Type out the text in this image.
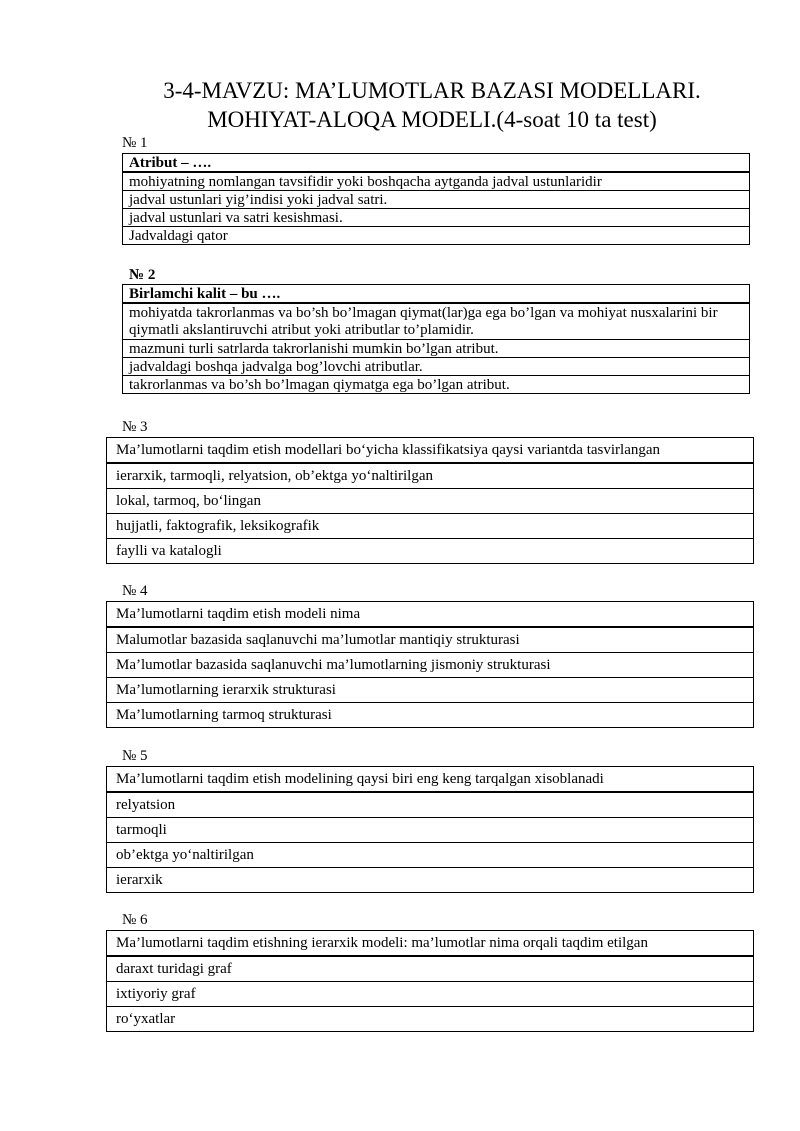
3-4-MAVZU: MA’LUMOTLAR BAZASI MODELLARI.
MOHIYAT-ALOQA MODELI.(4-soat 10 ta test)
№ 1
Atribut – ….
mohiyatning nomlangan tavsifidir yoki boshqacha aytganda jadval ustunlaridir
jadval ustunlari yig’indisi yoki jadval satri.
jadval ustunlari va satri kesishmasi.
Jadvaldagi qator
№ 2
Birlamchi kalit – bu ….
mohiyatda takrorlanmas va bo’sh bo’lmagan qiymat(lar)ga ega bo’lgan va mohiyat nusxalarini bir qiymatli akslantiruvchi atribut yoki atributlar to’plamidir.
mazmuni turli satrlarda takrorlanishi mumkin bo’lgan atribut.
jadvaldagi boshqa jadvalga bog’lovchi atributlar.
takrorlanmas va bo’sh bo’lmagan qiymatga ega bo’lgan atribut.
№ 3
Ma’lumotlarni taqdim etish modellari bo‘yicha klassifikatsiya qaysi variantda tasvirlangan
ierarxik, tarmoqli, relyatsion, ob’ektga yo‘naltirilgan
lokal, tarmoq, bo‘lingan
hujjatli, faktografik, leksikografik
faylli va katalogli
№ 4
Ma’lumotlarni taqdim etish modeli nima
Malumotlar bazasida saqlanuvchi ma’lumotlar mantiqiy strukturasi
Ma’lumotlar bazasida saqlanuvchi ma’lumotlarning jismoniy strukturasi
Ma’lumotlarning ierarxik strukturasi
Ma’lumotlarning tarmoq strukturasi
№ 5
Ma’lumotlarni taqdim etish modelining qaysi biri eng keng tarqalgan xisoblanadi
relyatsion
tarmoqli
ob’ektga yo‘naltirilgan
ierarxik
№ 6
Ma’lumotlarni taqdim etishning ierarxik modeli: ma’lumotlar nima orqali taqdim etilgan
daraxt turidagi graf
ixtiyoriy graf
ro‘yxatlar
